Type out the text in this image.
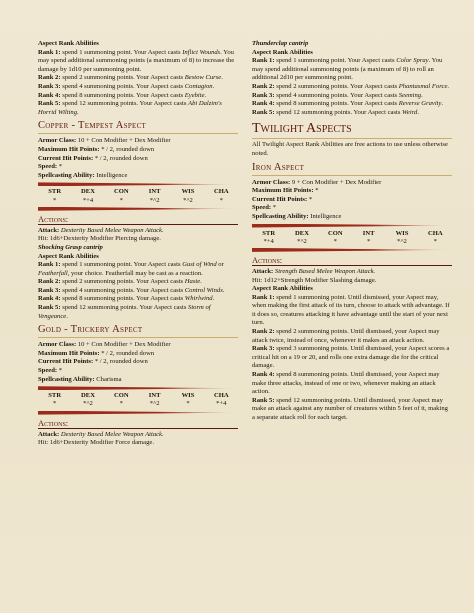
Aspect Rank Abilities

Rank 1: spend 1 summoning point. Your Aspect casts Inflict Wounds. You may spend additional summoning points (a maximum of 8) to increase the damage by 1d10 per summoning point.

Rank 2: spend 2 summoning points. Your Aspect casts Bestow Curse.

Rank 3: spend 4 summoning points. Your Aspect casts Contagion.

Rank 4: spend 8 summoning points. Your Aspect casts Eyebite.

Rank 5: spend 12 summoning points. Your Aspect casts Abi Dalzim's Horrid Wilting.

Copper - Tempest Aspect

Armor Class: 10 + Con Modifier + Dex Modifier

Maximum Hit Points: * / 2, rounded down

Current Hit Points: * / 2, rounded down

Speed: *

Spellcasting Ability: Intelligence

STR	DEX	CON	INT	WIS	CHA
*	*+4	*	*^2	*^2	*
Actions:

Attack: Dexterity Based Melee Weapon Attack.

Hit: 1d6+Dexterity Modifier Piercing damage.

Shocking Grasp cantrip

Aspect Rank Abilities

Rank 1: spend 1 summoning point. Your Aspect casts Gust of Wind or Featherfall, your choice. Featherfall may be cast as a reaction.

Rank 2: spend 2 summoning points. Your Aspect casts Haste.

Rank 3: spend 4 summoning points. Your Aspect casts Control Winds.

Rank 4: spend 8 summoning points. Your Aspect casts Whirlwind.

Rank 5: spend 12 summoning points. Your Aspect casts Storm of Vengeance.

Gold - Trickery Aspect

Armor Class: 10 + Con Modifier + Dex Modifier

Maximum Hit Points: * / 2, rounded down

Current Hit Points: * / 2, rounded down

Speed: *

Spellcasting Ability: Charisma

STR	DEX	CON	INT	WIS	CHA
*	*^2	*	*^2	*	*+4
Actions:

Attack: Dexterity Based Melee Weapon Attack.

Hit: 1d6+Dexterity Modifier Force damage.

Thunderclap cantrip

Aspect Rank Abilities

Rank 1: spend 1 summoning point. Your Aspect casts Color Spray. You may spend additional summoning points (a maximum of 8) to roll an additional 2d10 per summoning point.

Rank 2: spend 2 summoning points. Your Aspect casts Phantasmal Force.

Rank 3: spend 4 summoning points. Your Aspect casts Seeming.

Rank 4: spend 8 summoning points. Your Aspect casts Reverse Gravity.

Rank 5: spend 12 summoning points. Your Aspect casts Weird.

Twilight Aspects

All Twilight Aspect Rank Abilities are free actions to use unless otherwise noted.

Iron Aspect

Armor Class: 9 + Con Modifier + Dex Modifier

Maximum Hit Points: *

Current Hit Points: *

Speed: *

Spellcasting Ability: Intelligence

STR	DEX	CON	INT	WIS	CHA
*+4	*^2	*	*	*^2	*
Actions:

Attack: Strength Based Melee Weapon Attack.

Hit: 1d12+Strength Modifier Slashing damage.

Aspect Rank Abilities

Rank 1: spend 1 summoning point. Until dismissed, your Aspect may, when making the first attack of its turn, choose to attack with advantage. If it does so, creatures attacking it have advantage until the start of your next turn.

Rank 2: spend 2 summoning points. Until dismissed, your Aspect may attack twice, instead of once, whenever it makes an attack action.

Rank 3: spend 3 summoning points. Until dismissed, your Aspect scores a critical hit on a 19 or 20, and rolls one extra damage die for the critical damage.

Rank 4: spend 8 summoning points. Until dismissed, your Aspect may make three attacks, instead of one or two, whenever making an attack action.

Rank 5: spend 12 summoning points. Until dismissed, your Aspect may make an attack against any number of creatures within 5 feet of it, making a separate attack roll for each target.
